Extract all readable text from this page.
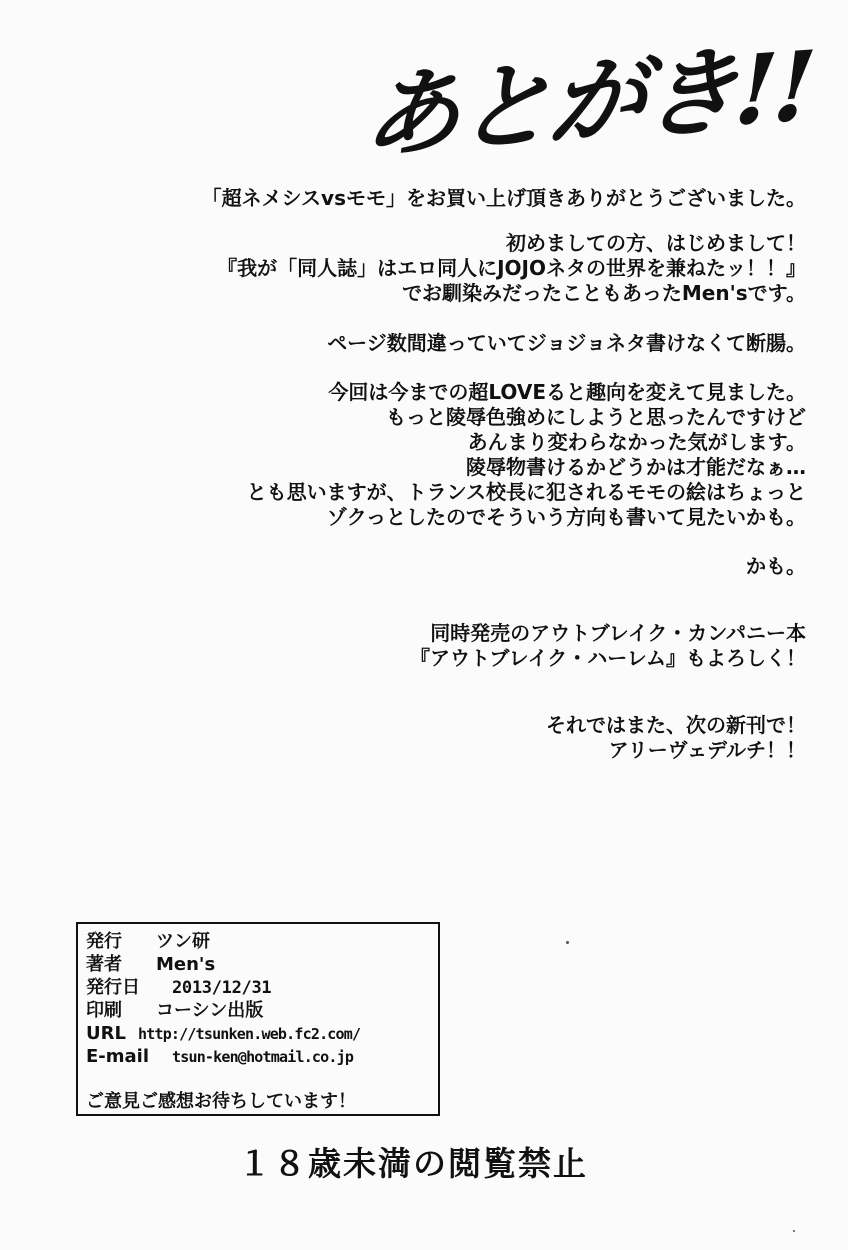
あとがき!!
「超ネメシスvsモモ」をお買い上げ頂きありがとうございました。
初めましての方、はじめまして！
『我が「同人誌」はエロ同人にJOJOネタの世界を兼ねたッ！！』
でお馴染みだったこともあったMen'sです。
ページ数間違っていてジョジョネタ書けなくて断腸。
今回は今までの超LOVEると趣向を変えて見ました。
もっと陵辱色強めにしようと思ったんですけど
あんまり変わらなかった気がします。
陵辱物書けるかどうかは才能だなぁ…
とも思いますが、トランス校長に犯されるモモの絵はちょっと
ゾクっとしたのでそういう方向も書いて見たいかも。
かも。
同時発売のアウトブレイク・カンパニー本
『アウトブレイク・ハーレム』もよろしく！
それではまた、次の新刊で！
アリーヴェデルチ！！
発行 ツン研
著者 Men's
発行日 2013/12/31
印刷 コーシン出版
URL http://tsunken.web.fc2.com/
E-mail tsun-ken@hotmail.co.jp
ご意見ご感想お待ちしています！
１８歳未満の閲覧禁止
